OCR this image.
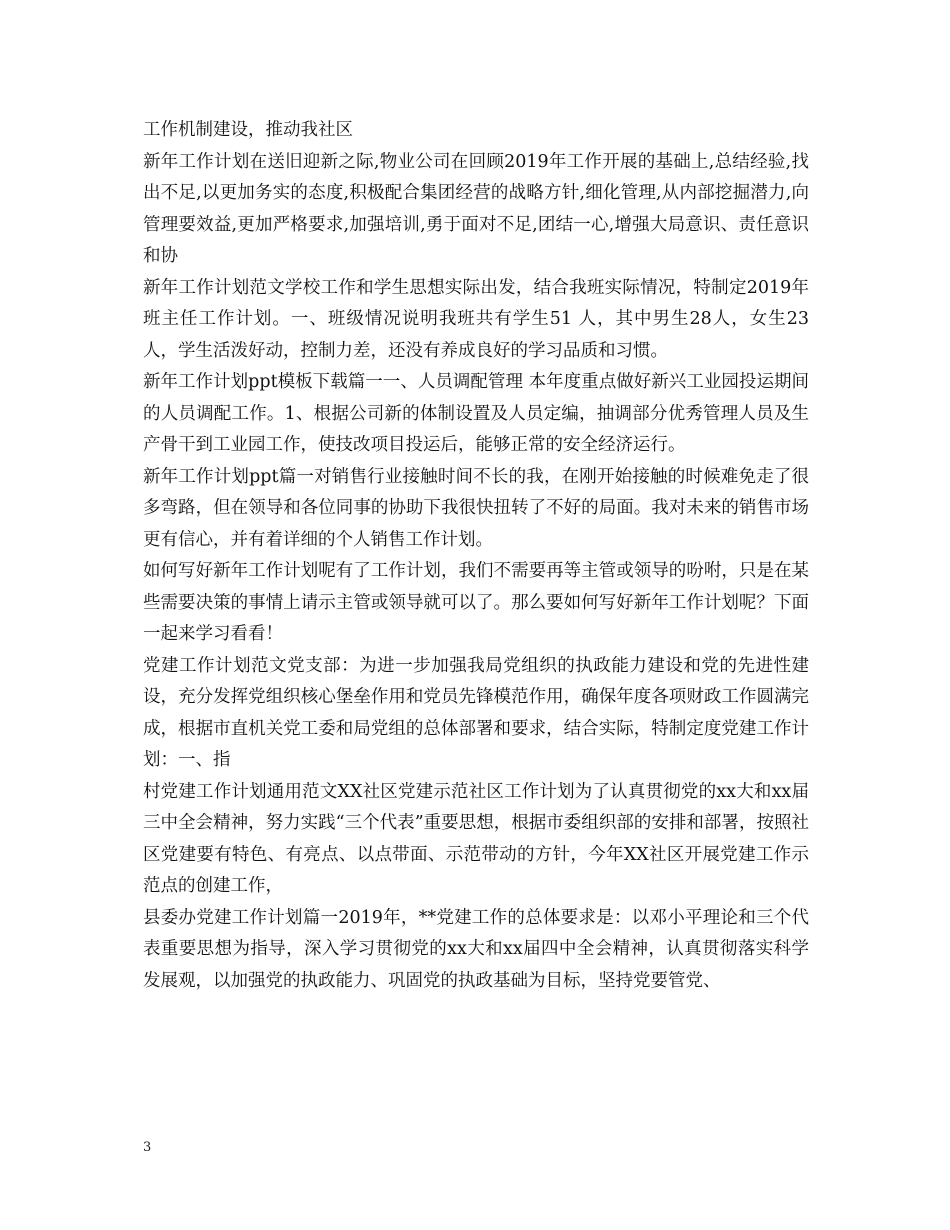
工作机制建设，推动我社区

新年工作计划在送旧迎新之际,物业公司在回顾2019年工作开展的基础上,总结经验,找出不足,以更加务实的态度,积极配合集团经营的战略方针,细化管理,从内部挖掘潜力,向管理要效益,更加严格要求,加强培训,勇于面对不足,团结一心,增强大局意识、责任意识和协

新年工作计划范文学校工作和学生思想实际出发，结合我班实际情况，特制定2019年班主任工作计划。一、班级情况说明我班共有学生51 人，其中男生28人，女生23人，学生活泼好动，控制力差，还没有养成良好的学习品质和习惯。

新年工作计划ppt模板下载篇一一、人员调配管理 本年度重点做好新兴工业园投运期间的人员调配工作。1、根据公司新的体制设置及人员定编，抽调部分优秀管理人员及生产骨干到工业园工作，使技改项目投运后，能够正常的安全经济运行。

新年工作计划ppt篇一对销售行业接触时间不长的我，在刚开始接触的时候难免走了很多弯路，但在领导和各位同事的协助下我很快扭转了不好的局面。我对未来的销售市场更有信心，并有着详细的个人销售工作计划。

如何写好新年工作计划呢有了工作计划，我们不需要再等主管或领导的吩咐，只是在某些需要决策的事情上请示主管或领导就可以了。那么要如何写好新年工作计划呢？下面一起来学习看看！

党建工作计划范文党支部：为进一步加强我局党组织的执政能力建设和党的先进性建设，充分发挥党组织核心堡垒作用和党员先锋模范作用，确保年度各项财政工作圆满完成，根据市直机关党工委和局党组的总体部署和要求，结合实际，特制定度党建工作计划：一、指

村党建工作计划通用范文XX社区党建示范社区工作计划为了认真贯彻党的xx大和xx届三中全会精神，努力实践“三个代表”重要思想，根据市委组织部的安排和部署，按照社区党建要有特色、有亮点、以点带面、示范带动的方针，今年XX社区开展党建工作示范点的创建工作，

县委办党建工作计划篇一2019年，**党建工作的总体要求是：以邓小平理论和三个代表重要思想为指导，深入学习贯彻党的xx大和xx届四中全会精神，认真贯彻落实科学发展观，以加强党的执政能力、巩固党的执政基础为目标，坚持党要管党、

3
